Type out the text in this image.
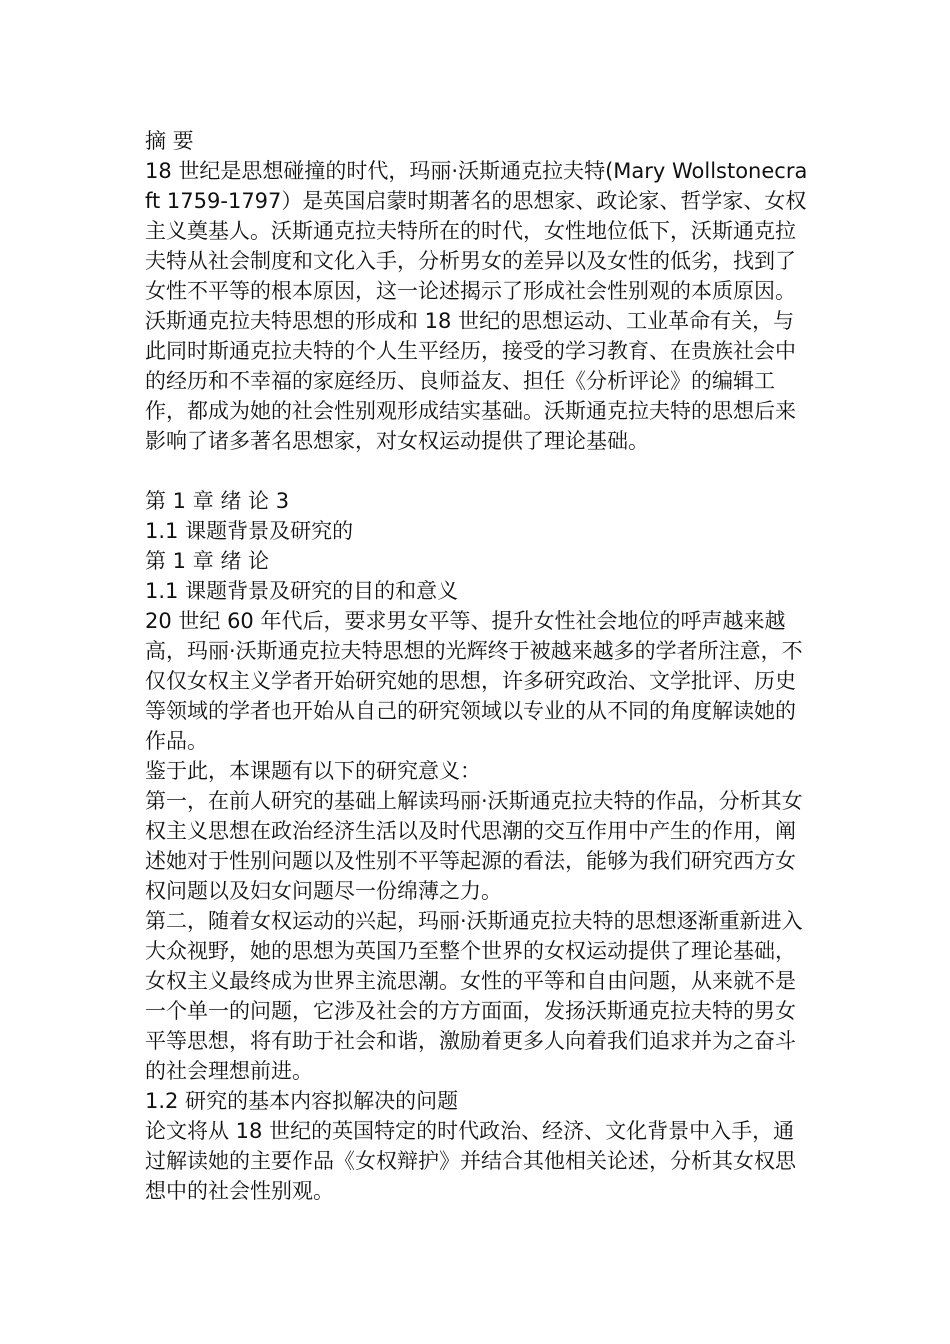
摘 要

18 世纪是思想碰撞的时代，玛丽·沃斯通克拉夫特(Mary Wollstonecraft 1759-1797）是英国启蒙时期著名的思想家、政论家、哲学家、女权主义奠基人。沃斯通克拉夫特所在的时代，女性地位低下，沃斯通克拉夫特从社会制度和文化入手，分析男女的差异以及女性的低劣，找到了女性不平等的根本原因，这一论述揭示了形成社会性别观的本质原因。沃斯通克拉夫特思想的形成和 18 世纪的思想运动、工业革命有关，与此同时斯通克拉夫特的个人生平经历，接受的学习教育、在贵族社会中的经历和不幸福的家庭经历、良师益友、担任《分析评论》的编辑工作，都成为她的社会性别观形成结实基础。沃斯通克拉夫特的思想后来影响了诸多著名思想家，对女权运动提供了理论基础。

第 1 章 绪 论 3

1.1 课题背景及研究的

第 1 章 绪 论

1.1 课题背景及研究的目的和意义

20 世纪 60 年代后，要求男女平等、提升女性社会地位的呼声越来越高，玛丽·沃斯通克拉夫特思想的光辉终于被越来越多的学者所注意，不仅仅女权主义学者开始研究她的思想，许多研究政治、文学批评、历史等领域的学者也开始从自己的研究领域以专业的从不同的角度解读她的作品。

鉴于此，本课题有以下的研究意义：

第一，在前人研究的基础上解读玛丽·沃斯通克拉夫特的作品，分析其女权主义思想在政治经济生活以及时代思潮的交互作用中产生的作用，阐述她对于性别问题以及性别不平等起源的看法，能够为我们研究西方女权问题以及妇女问题尽一份绵薄之力。

第二，随着女权运动的兴起，玛丽·沃斯通克拉夫特的思想逐渐重新进入大众视野，她的思想为英国乃至整个世界的女权运动提供了理论基础，女权主义最终成为世界主流思潮。女性的平等和自由问题，从来就不是一个单一的问题，它涉及社会的方方面面，发扬沃斯通克拉夫特的男女平等思想，将有助于社会和谐，激励着更多人向着我们追求并为之奋斗的社会理想前进。

1.2 研究的基本内容拟解决的问题

论文将从 18 世纪的英国特定的时代政治、经济、文化背景中入手，通过解读她的主要作品《女权辩护》并结合其他相关论述，分析其女权思想中的社会性别观。
